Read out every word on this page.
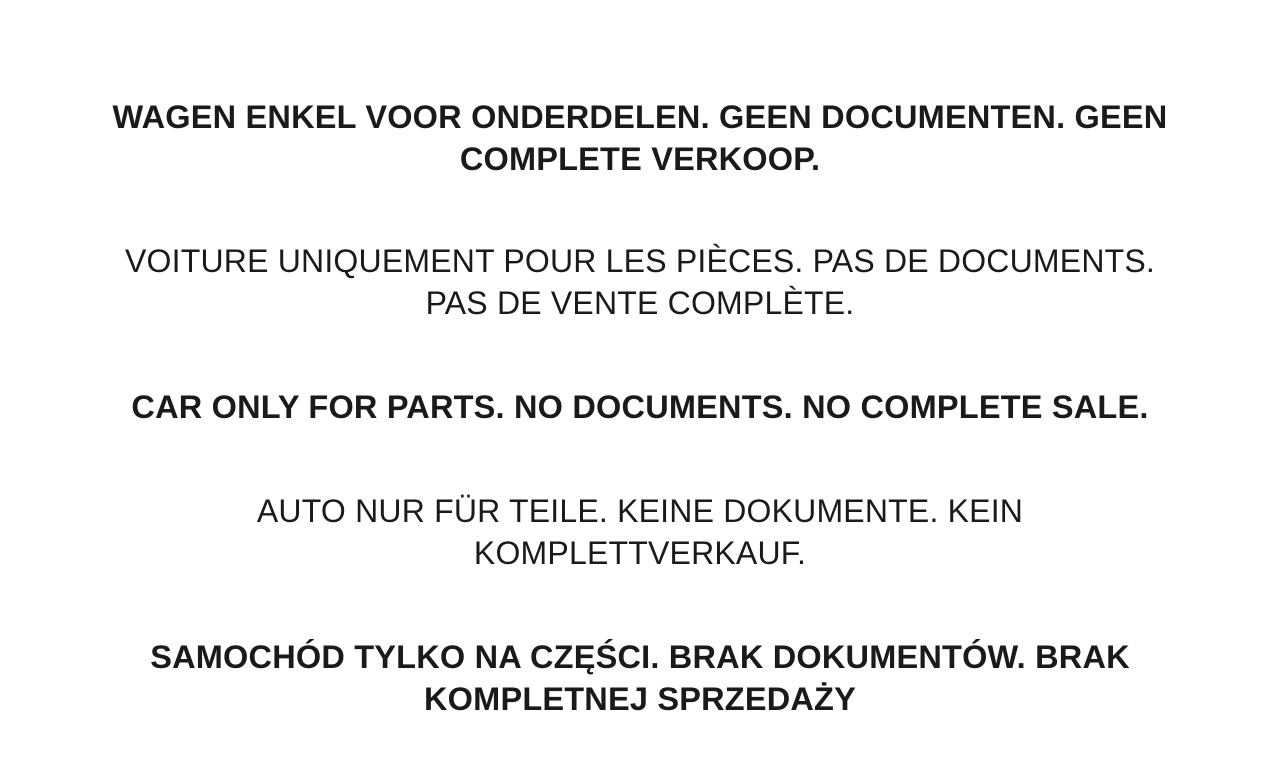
WAGEN ENKEL VOOR ONDERDELEN. GEEN DOCUMENTEN. GEEN COMPLETE VERKOOP.

VOITURE UNIQUEMENT POUR LES PIÈCES. PAS DE DOCUMENTS. PAS DE VENTE COMPLÈTE.

CAR ONLY FOR PARTS. NO DOCUMENTS. NO COMPLETE SALE.

AUTO NUR FÜR TEILE. KEINE DOKUMENTE. KEIN KOMPLETTVERKAUF.

SAMOCHÓD TYLKO NA CZĘŚCI. BRAK DOKUMENTÓW. BRAK KOMPLETNEJ SPRZEDAŻY
